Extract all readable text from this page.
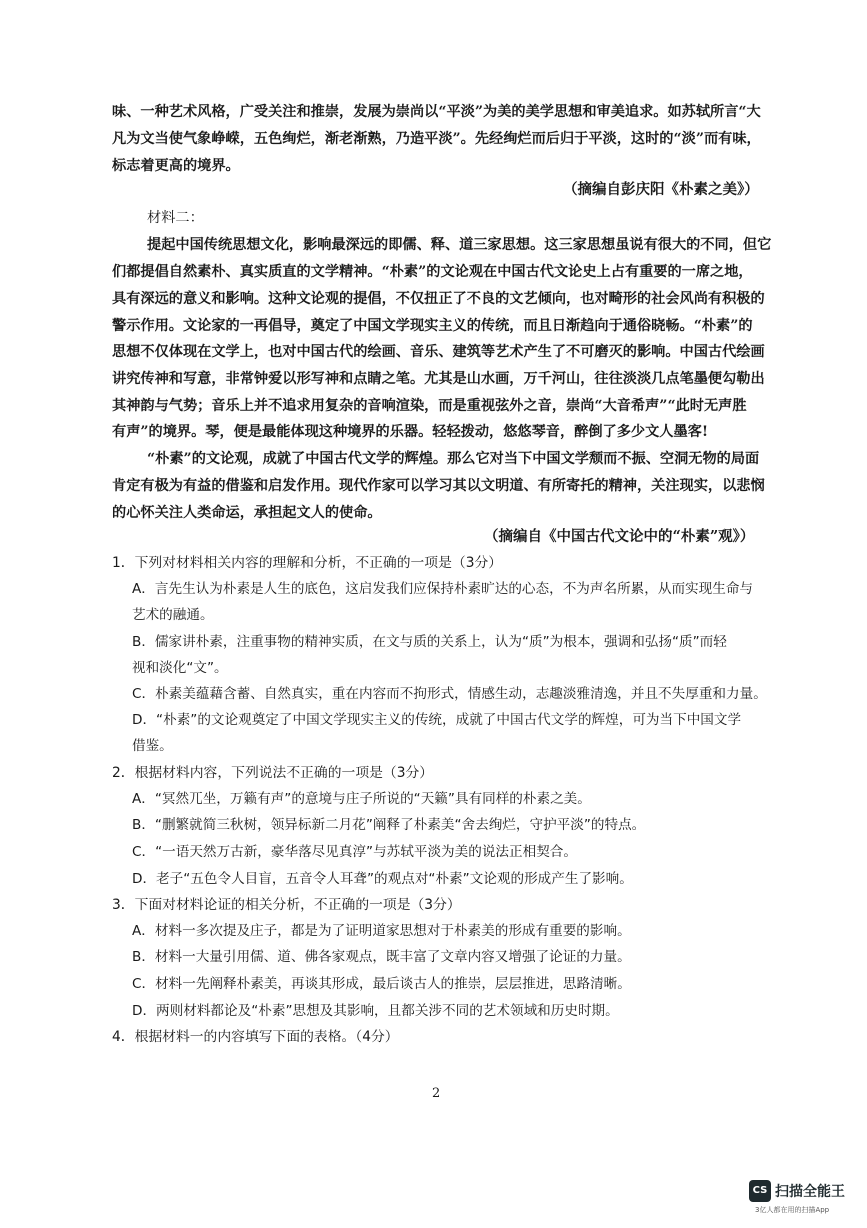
味、一种艺术风格，广受关注和推崇，发展为崇尚以“平淡”为美的美学思想和审美追求。如苏轼所言“大
凡为文当使气象峥嵘，五色绚烂，渐老渐熟，乃造平淡”。先经绚烂而后归于平淡，这时的“淡”而有味，
标志着更高的境界。
（摘编自彭庆阳《朴素之美》）
材料二：
提起中国传统思想文化，影响最深远的即儒、释、道三家思想。这三家思想虽说有很大的不同，但它
们都提倡自然素朴、真实质直的文学精神。“朴素”的文论观在中国古代文论史上占有重要的一席之地，
具有深远的意义和影响。这种文论观的提倡，不仅扭正了不良的文艺倾向，也对畸形的社会风尚有积极的
警示作用。文论家的一再倡导，奠定了中国文学现实主义的传统，而且日渐趋向于通俗晓畅。“朴素”的
思想不仅体现在文学上，也对中国古代的绘画、音乐、建筑等艺术产生了不可磨灭的影响。中国古代绘画
讲究传神和写意，非常钟爱以形写神和点睛之笔。尤其是山水画，万千河山，往往淡淡几点笔墨便勾勒出
其神韵与气势；音乐上并不追求用复杂的音响渲染，而是重视弦外之音，崇尚“大音希声”“此时无声胜
有声”的境界。琴，便是最能体现这种境界的乐器。轻轻拨动，悠悠琴音，醉倒了多少文人墨客!
“朴素”的文论观，成就了中国古代文学的辉煌。那么它对当下中国文学颓而不振、空洞无物的局面
肯定有极为有益的借鉴和启发作用。现代作家可以学习其以文明道、有所寄托的精神，关注现实，以悲悯
的心怀关注人类命运，承担起文人的使命。
（摘编自《中国古代文论中的“朴素”观》）
1．下列对材料相关内容的理解和分析，不正确的一项是（3分）
A．言先生认为朴素是人生的底色，这启发我们应保持朴素旷达的心态，不为声名所累，从而实现生命与
艺术的融通。
B．儒家讲朴素，注重事物的精神实质，在文与质的关系上，认为“质”为根本，强调和弘扬“质”而轻
视和淡化“文”。
C．朴素美蕴藉含蓄、自然真实，重在内容而不拘形式，情感生动，志趣淡雅清逸，并且不失厚重和力量。
D．“朴素”的文论观奠定了中国文学现实主义的传统，成就了中国古代文学的辉煌，可为当下中国文学
借鉴。
2．根据材料内容，下列说法不正确的一项是（3分）
A．“冥然兀坐，万籁有声”的意境与庄子所说的“天籁”具有同样的朴素之美。
B．“删繁就简三秋树，领异标新二月花”阐释了朴素美“舍去绚烂，守护平淡”的特点。
C．“一语天然万古新，豪华落尽见真淳”与苏轼平淡为美的说法正相契合。
D．老子“五色令人目盲，五音令人耳聋”的观点对“朴素”文论观的形成产生了影响。
3．下面对材料论证的相关分析，不正确的一项是（3分）
A．材料一多次提及庄子，都是为了证明道家思想对于朴素美的形成有重要的影响。
B．材料一大量引用儒、道、佛各家观点，既丰富了文章内容又增强了论证的力量。
C．材料一先阐释朴素美，再谈其形成，最后谈古人的推崇，层层推进，思路清晰。
D．两则材料都论及“朴素”思想及其影响，且都关涉不同的艺术领域和历史时期。
4．根据材料一的内容填写下面的表格。（4分）
2
CS 扫描全能王
3亿人都在用的扫描App
